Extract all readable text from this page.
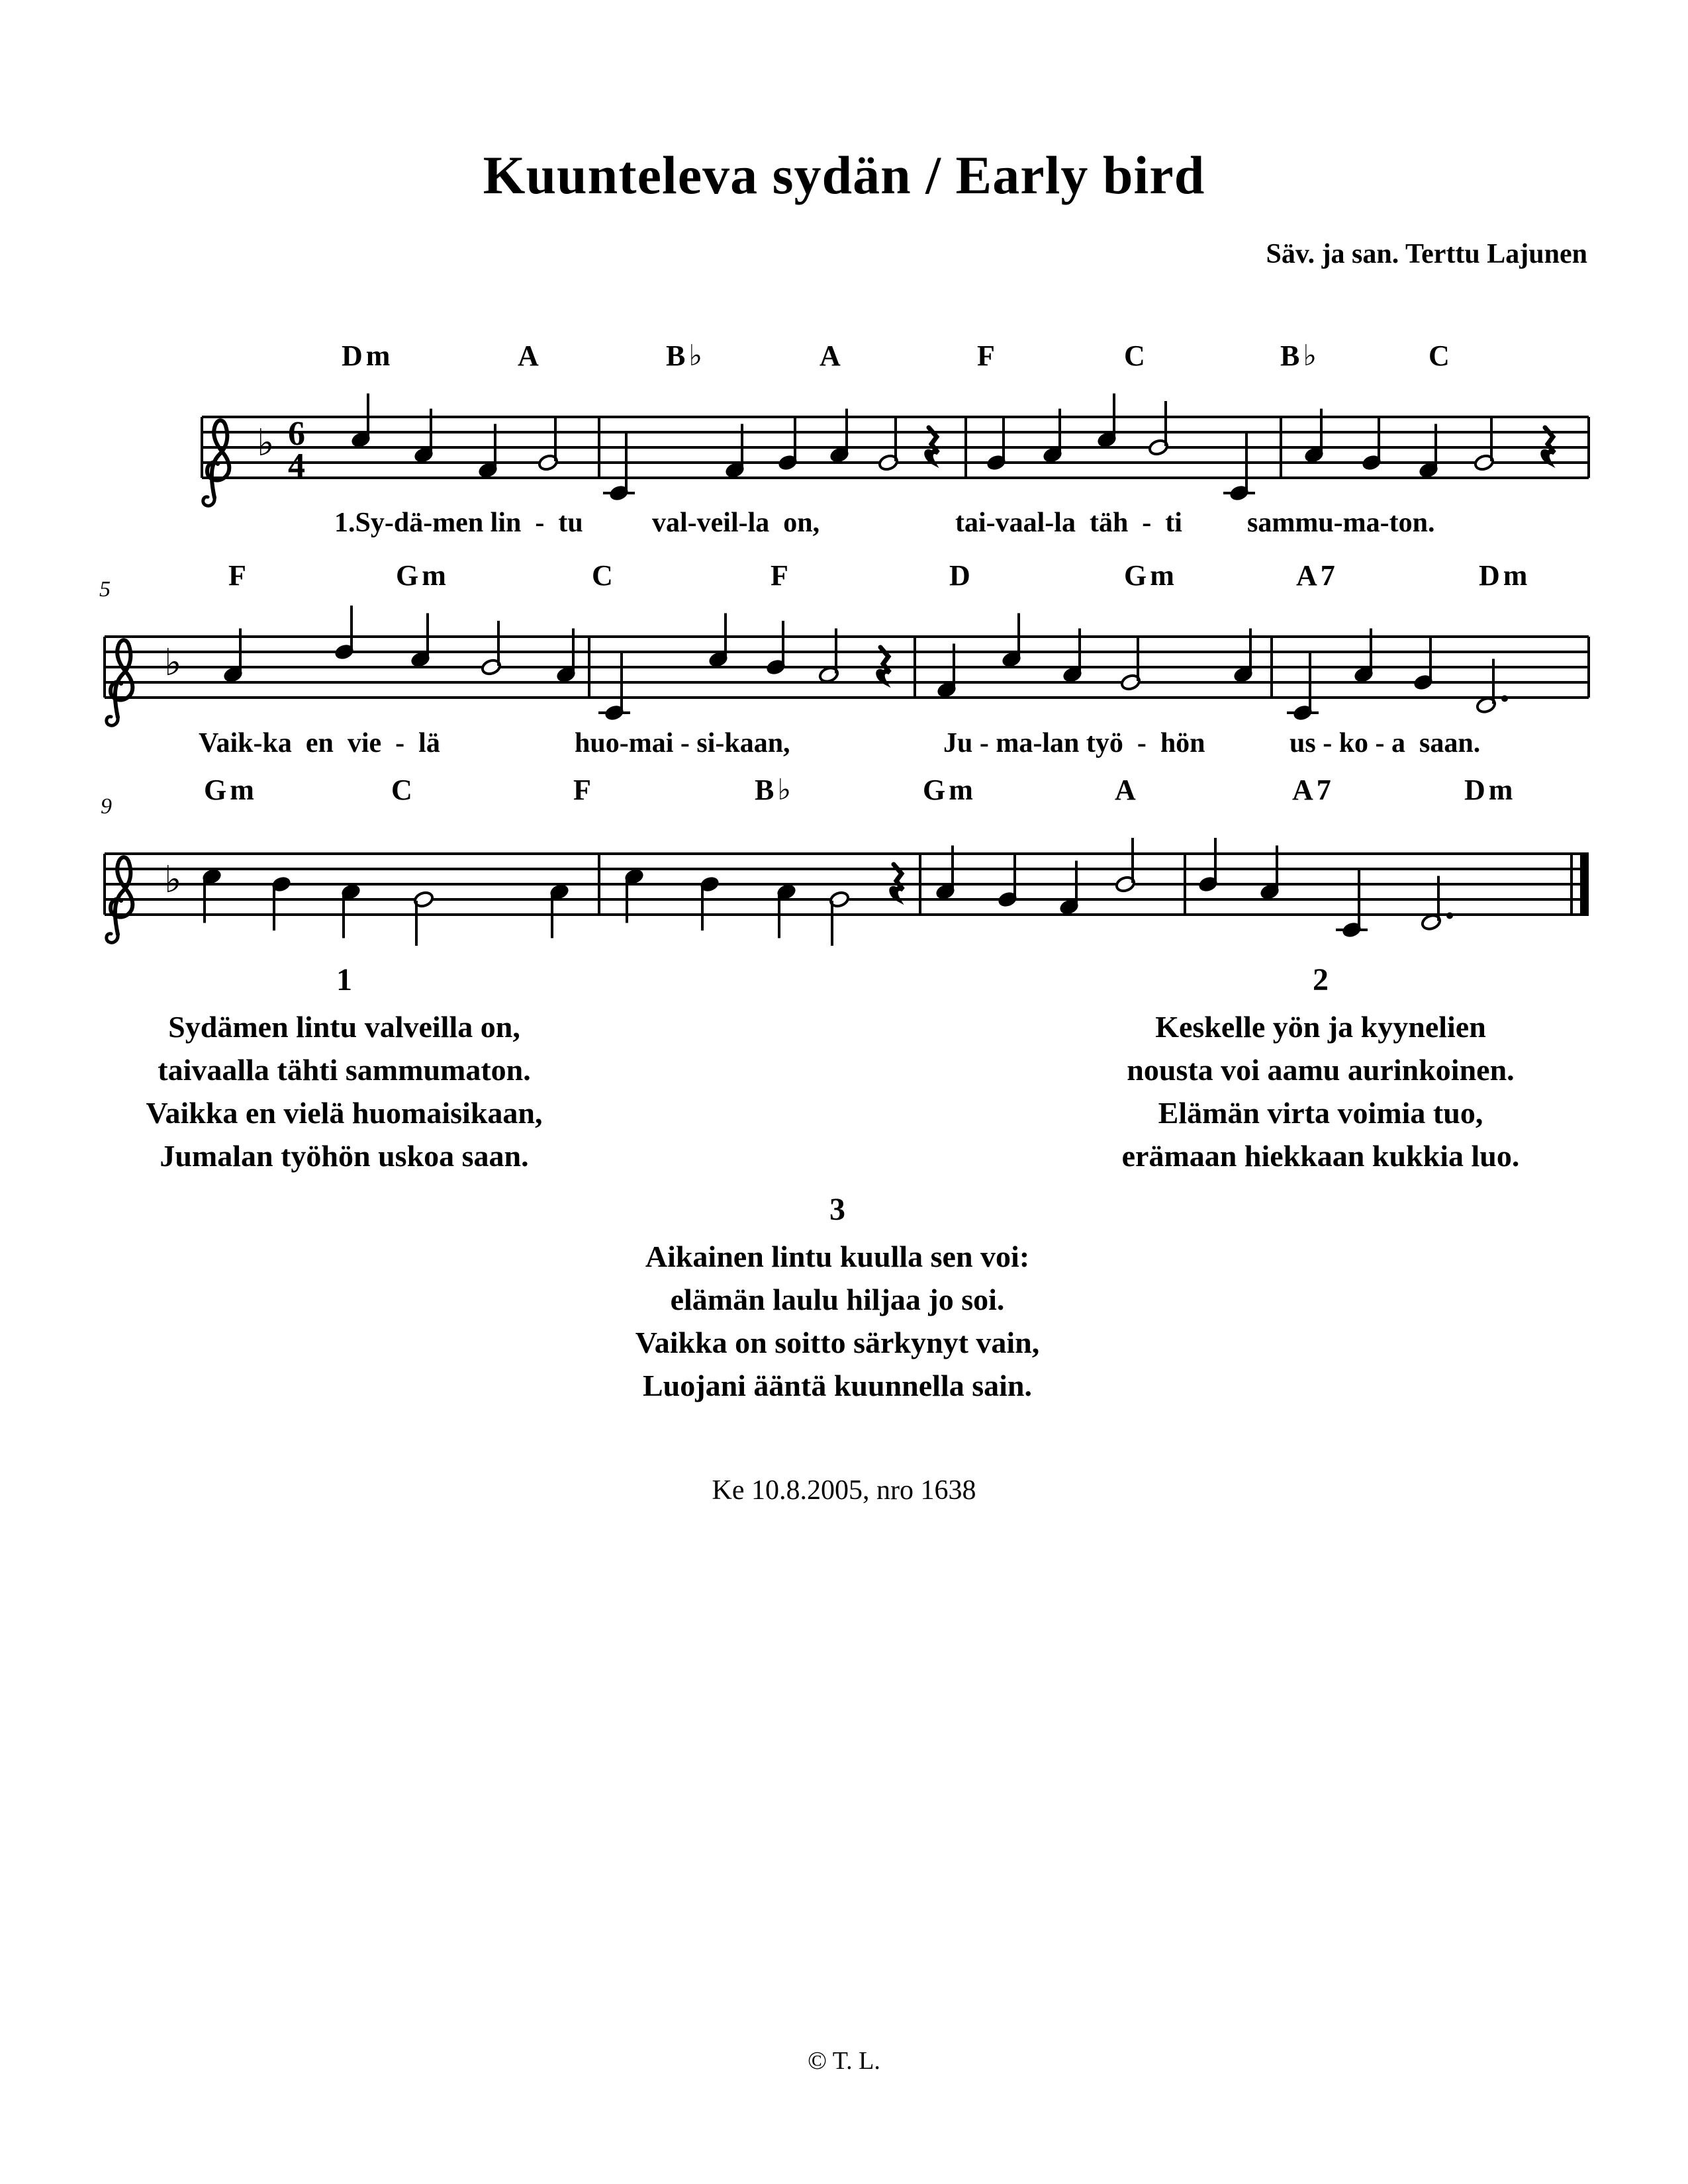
Kuunteleva sydän / Early bird
Säv. ja san. Terttu Lajunen
♭ 6
4
♭
♭
Dm	A	B♭	A	F	C	B♭	C
1.Sy-dä-men lin  -  tu val-veil-la  on,	tai-vaal-la  täh  -  ti sammu-ma-ton.
F	Gm	C	F	D	Gm	A7	Dm
Vaik-ka  en  vie  -  lä	huo-mai - si-kaan,	Ju - ma-lan työ  -  hön	us - ko - a  saan.
5
Gm	C	F	B♭	Gm	A	A7	Dm
9
1
Sydämen lintu valveilla on,
taivaalla tähti sammumaton.
Vaikka en vielä huomaisikaan,
Jumalan työhön uskoa saan.
2
Keskelle yön ja kyynelien
nousta voi aamu aurinkoinen.
Elämän virta voimia tuo,
erämaan hiekkaan kukkia luo.
3
Aikainen lintu kuulla sen voi:
elämän laulu hiljaa jo soi.
Vaikka on soitto särkynyt vain,
Luojani ääntä kuunnella sain.
Ke 10.8.2005, nro 1638
© T. L.
